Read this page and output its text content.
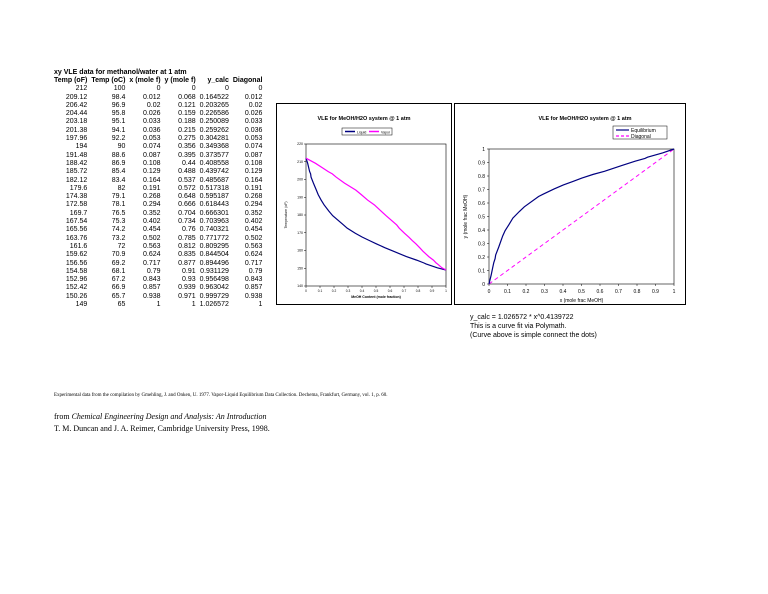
xy VLE data for methanol/water at 1 atm
Temp (oF)	Temp (oC)	x (mole f)	y (mole f)	y_calc	Diagonal
212	100	0	0	0	0
209.12	98.4	0.012	0.068	0.164522	0.012
206.42	96.9	0.02	0.121	0.203265	0.02
204.44	95.8	0.026	0.159	0.226586	0.026
203.18	95.1	0.033	0.188	0.250089	0.033
201.38	94.1	0.036	0.215	0.259262	0.036
197.96	92.2	0.053	0.275	0.304281	0.053
194	90	0.074	0.356	0.349368	0.074
191.48	88.6	0.087	0.395	0.373577	0.087
188.42	86.9	0.108	0.44	0.408558	0.108
185.72	85.4	0.129	0.488	0.439742	0.129
182.12	83.4	0.164	0.537	0.485687	0.164
179.6	82	0.191	0.572	0.517318	0.191
174.38	79.1	0.268	0.648	0.595187	0.268
172.58	78.1	0.294	0.666	0.618443	0.294
169.7	76.5	0.352	0.704	0.666301	0.352
167.54	75.3	0.402	0.734	0.703963	0.402
165.56	74.2	0.454	0.76	0.740321	0.454
163.76	73.2	0.502	0.785	0.771772	0.502
161.6	72	0.563	0.812	0.809295	0.563
159.62	70.9	0.624	0.835	0.844504	0.624
156.56	69.2	0.717	0.877	0.894496	0.717
154.58	68.1	0.79	0.91	0.931129	0.79
152.96	67.2	0.843	0.93	0.956498	0.843
152.42	66.9	0.857	0.939	0.963042	0.857
150.26	65.7	0.938	0.971	0.999729	0.938
149	65	1	1	1.026572	1
VLE for MeOH/H2O system @ 1 atm
Liquid	Vapor
140
150
160
170
180
190
200
210
220
0	0.1	0.2	0.3	0.4	0.5	0.6	0.7	0.8	0.9	1
MeOH Content (mole fraction)
Temperature (oF)
VLE for MeOH/H2O system @ 1 atm
Equilibrium
Diagonal
0
0.1
0.2
0.3
0.4
0.5
0.6
0.7
0.8
0.9
1
0	0.1 0.2 0.3 0.4 0.5 0.6 0.7 0.8 0.9	1
x (mole frac MeOH)
y (mole frac MeOH)
y_calc = 1.026572 * x^0.4139722
This is a curve fit via Polymath.
(Curve above is simple connect the dots)
Experimental data from the compilation by Gmehling, J. and Onken, U. 1977. Vapor-Liquid Equilibrium Data Collection. Dechema, Frankfurt, Germany, vol. 1, p. 60.
from Chemical Engineering Design and Analysis: An Introduction
T. M. Duncan and J. A. Reimer, Cambridge University Press, 1998.
